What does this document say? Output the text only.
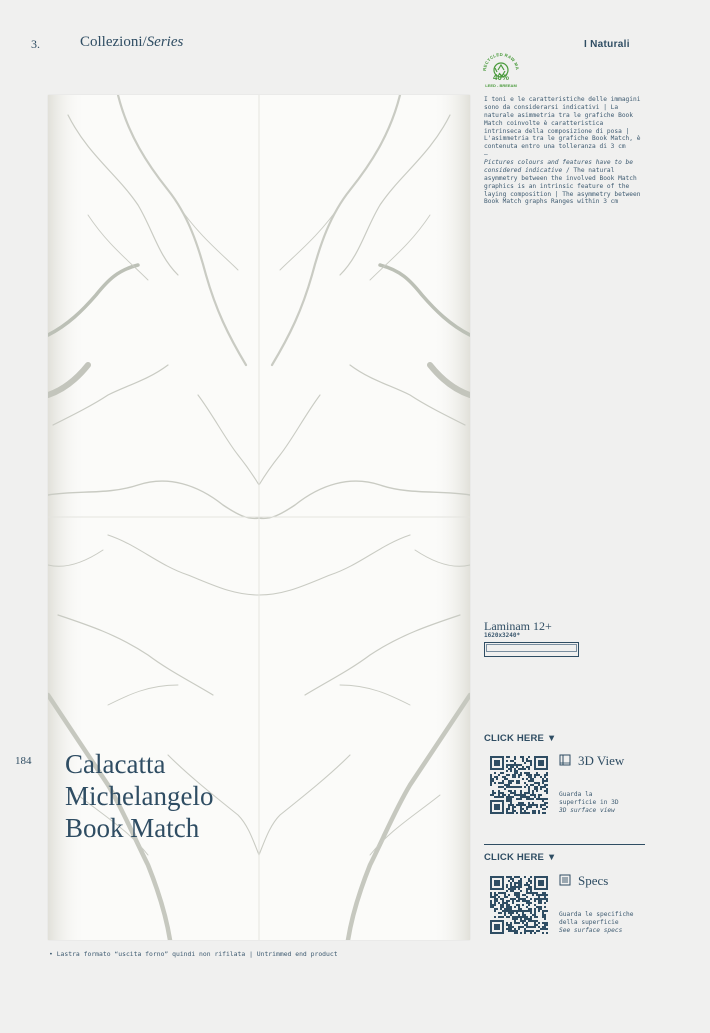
3.	Collezioni/Series	I Naturali
RECYCLED RAW MA
40%
LEED - BREEAM
I toni e le caratteristiche delle immagini sono da considerarsi indicativi | La naturale asimmetria tra le grafiche Book Match coinvolte è caratteristica intrinseca della composizione di posa | L'asimmetria tra le grafiche Book Match, è contenuta entro una tolleranza di 3 cm
–
Pictures colours and features have to be considered indicative / The natural asymmetry between the involved Book Match graphics is an intrinsic feature of the laying composition | The asymmetry between Book Match graphs Ranges within 3 cm
184 Calacatta
Michelangelo
Book Match
• Lastra formato “uscita forno” quindi non rifilata | Untrimmed end product
Laminam 12+
1620x3240*
CLICK HERE ▼
3D View
Guarda la
superficie in 3D
3D surface view
CLICK HERE ▼
Specs
Guarda le specifiche
della superficie
See surface specs
